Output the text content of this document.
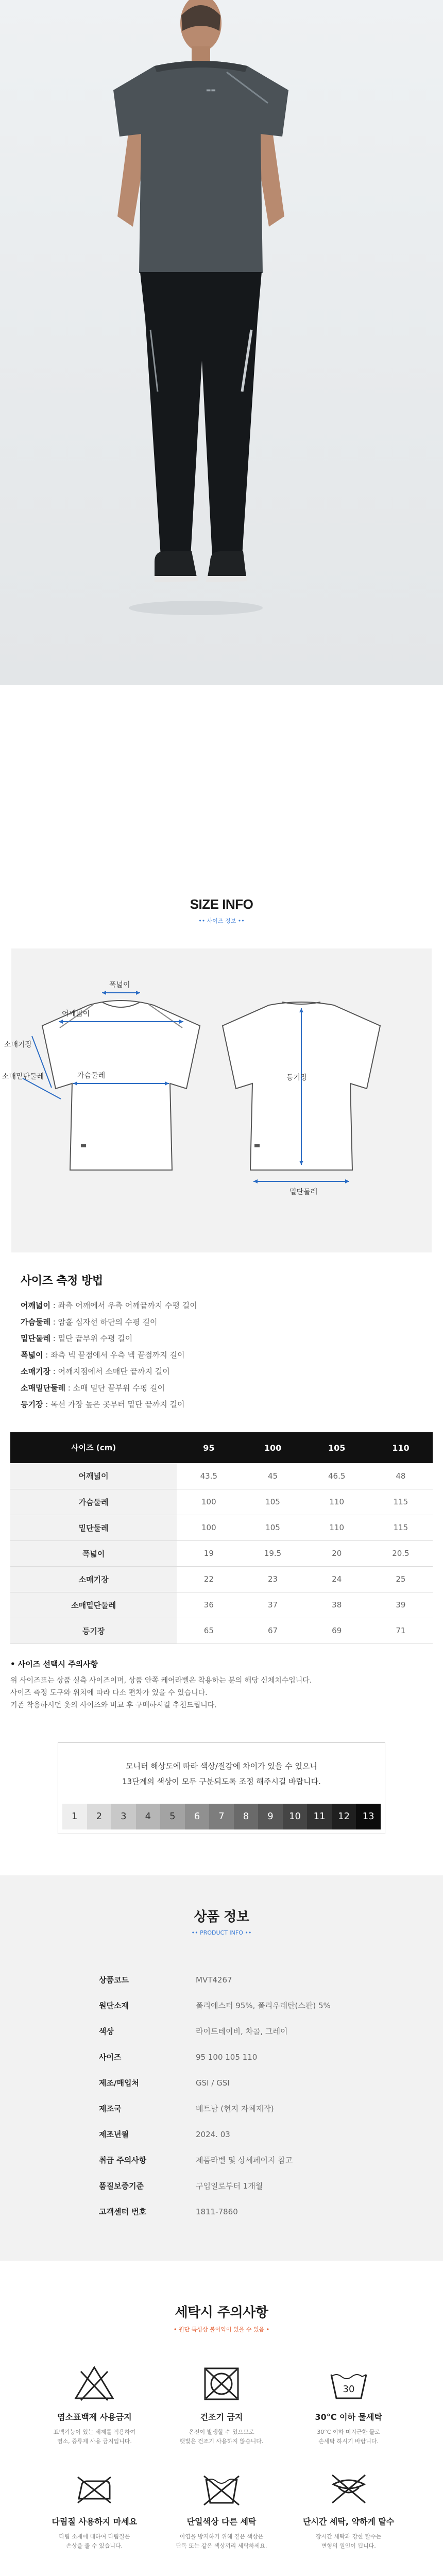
▬▬
SIZE INFO
•• 사이즈 정보 ••
폭넓이
어깨넓이
소매기장
소매밑단둘레	가슴둘레	등기장
밑단둘레
사이즈 측정 방법
어깨넓이 : 좌측 어깨에서 우측 어깨끝까지 수평 길이
가슴둘레 : 암홀 십자선 하단의 수평 길이
밑단둘레 : 밑단 끝부위 수평 길이
폭넓이 : 좌측 넥 끝점에서 우측 넥 끝점까지 길이
소매기장 : 어깨지점에서 소매단 끝까지 길이
소매밑단둘레 : 소매 밑단 끝부위 수평 길이
등기장 : 목선 가장 높은 곳부터 밑단 끝까지 길이
사이즈 (cm)	95	100	105	110
어깨넓이	43.5	45	46.5	48
가슴둘레	100	105	110	115
밑단둘레	100	105	110	115
폭넓이	19	19.5	20	20.5
소매기장	22	23	24	25
소매밑단둘레	36	37	38	39
등기장	65	67	69	71
• 사이즈 선택시 주의사항

위 사이즈표는 상품 실측 사이즈이며, 상품 안쪽 케어라벨은 착용하는 분의 해당 신체치수입니다.

사이즈 측정 도구와 위치에 따라 다소 편차가 있을 수 있습니다.

기존 착용하시던 옷의 사이즈와 비교 후 구매하시길 추천드립니다.

모니터 해상도에 따라 색상/질감에 차이가 있을 수 있으니

13단계의 색상이 모두 구분되도록 조정 해주시길 바랍니다.

1	2	3	4	5	6	7	8	9	10	11	12	13
상품 정보
•• PRODUCT INFO ••
상품코드	MVT4267
원단소재	폴리에스터 95%, 폴리우레탄(스판) 5%
색상	라이트테이비, 차콜, 그레이
사이즈	95 100 105 110
제조/매입처	GSI / GSI
제조국	베트남 (현지 자체제작)
제조년월	2024. 03
취급 주의사항	제품라벨 및 상세페이지 참고
품질보증기준	구입일로부터 1개월
고객센터 번호	1811-7860
세탁시 주의사항
• 원단 특성상 불이익이 있을 수 있음 •
염소표백제 사용금지
표백기능이 있는 세제를 적용하여
염소, 증류제 사용 금지입니다.
건조기 금지
온전이 발생할 수 있으므로
햇빛은 건조기 사용하지 않습니다.
30
30°C 이하 물세탁
30°C 이하 미지근한 물로
손세탁 하시기 바랍니다.
다림질 사용하지 마세요
다림 소재에 대하여 다림질은
손상을 줄 수 있습니다.
단일색상 다른 세탁
이염을 방지하기 위해 짙은 색상은
단독 또는 같은 색상끼리 세탁하세요.
단시간 세탁, 약하게 탈수
장시간 세탁과 강한 탈수는
변형의 원인이 됩니다.
